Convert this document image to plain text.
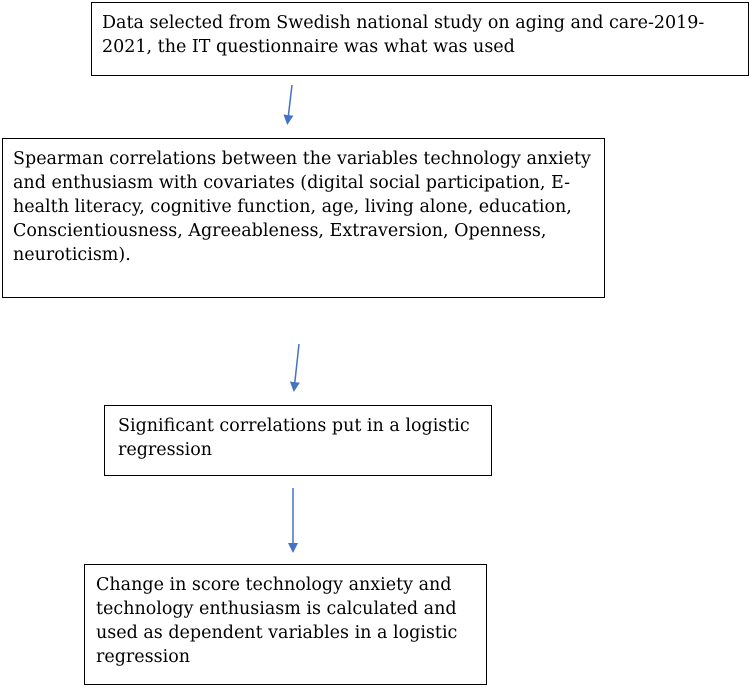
Data selected from Swedish national study on aging and care-2019-2021, the IT questionnaire was what was used
Spearman correlations between the variables technology anxiety and enthusiasm with covariates (digital social participation, E-health literacy, cognitive function, age, living alone, education, Conscientiousness, Agreeableness, Extraversion, Openness, neuroticism).
Significant correlations put in a logistic regression
Change in score technology anxiety and technology enthusiasm is calculated and used as dependent variables in a logistic regression
